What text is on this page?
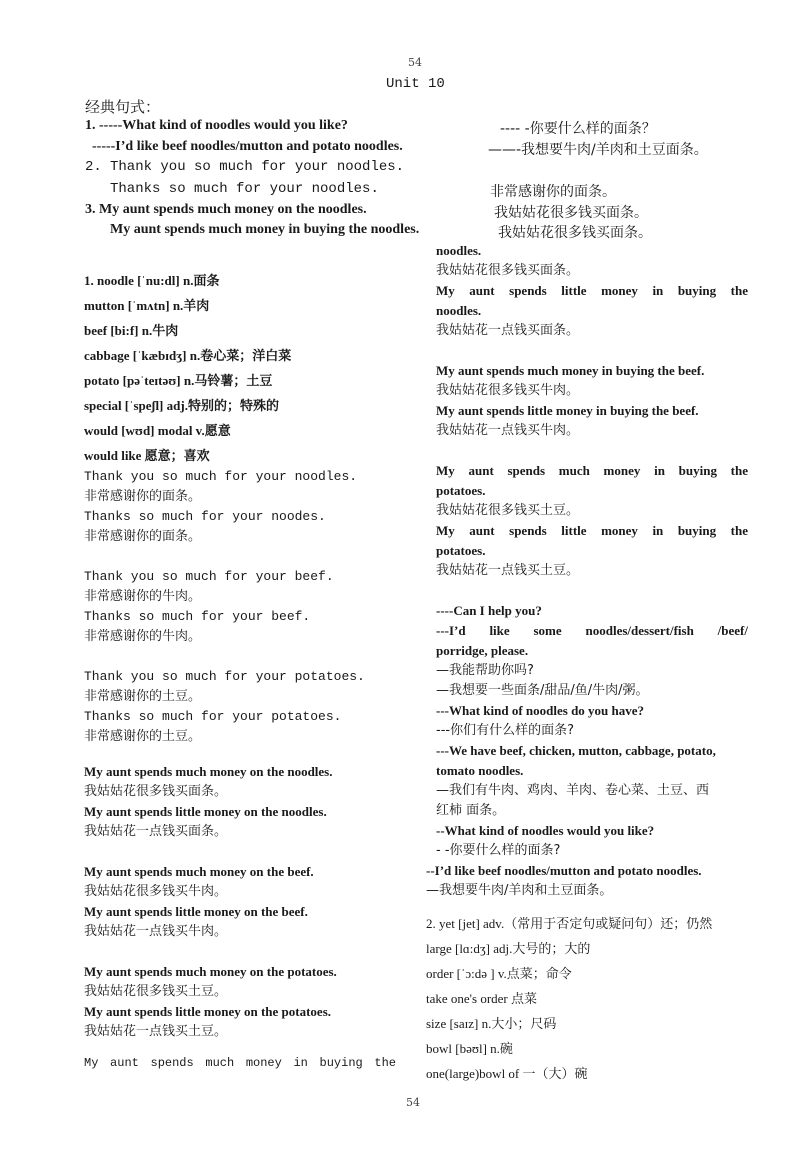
54
Unit 10
经典句式：
1. -----What kind of noodles would you like?	---- -你要什么样的面条？
-----I’d like beef noodles/mutton and potato noodles.	——-我想要牛肉/羊肉和土豆面条。
2. Thank you so much for your noodles.
Thanks so much for your noodles.	非常感谢你的面条。
3. My aunt spends much money on the noodles.	我姑姑花很多钱买面条。
My aunt spends much money in buying the noodles.	我姑姑花很多钱买面条。
1. noodle [ˈnu:dl] n.面条
mutton [ˈmʌtn] n.羊肉
beef [bi:f] n.牛肉
cabbage [ˈkæbɪdʒ] n.卷心菜；洋白菜
potato [pəˈteɪtəʊ] n.马铃薯；土豆
special [ˈspeʃl] adj.特别的；特殊的
would [wʊd] modal v.愿意
would like 愿意；喜欢
Thank you so much for your noodles.
非常感谢你的面条。
Thanks so much for your noodes.
非常感谢你的面条。
Thank you so much for your beef.
非常感谢你的牛肉。
Thanks so much for your beef.
非常感谢你的牛肉。
Thank you so much for your potatoes.
非常感谢你的土豆。
Thanks so much for your potatoes.
非常感谢你的土豆。
My aunt spends much money on the noodles.
我姑姑花很多钱买面条。
My aunt spends little money on the noodles.
我姑姑花一点钱买面条。
My aunt spends much money on the beef.
我姑姑花很多钱买牛肉。
My aunt spends little money on the beef.
我姑姑花一点钱买牛肉。
My aunt spends much money on the potatoes.
我姑姑花很多钱买土豆。
My aunt spends little money on the potatoes.
我姑姑花一点钱买土豆。
My aunt spends much money in buying the
noodles.
我姑姑花很多钱买面条。
My aunt spends little money in buying the
noodles.
我姑姑花一点钱买面条。
My aunt spends much money in buying the beef.
我姑姑花很多钱买牛肉。
My aunt spends little money in buying the beef.
我姑姑花一点钱买牛肉。
My aunt spends much money in buying the
potatoes.
我姑姑花很多钱买土豆。
My aunt spends little money in buying the
potatoes.
我姑姑花一点钱买土豆。
----Can I help you?
---I’d like some noodles/dessert/fish /beef/
porridge, please.
—我能帮助你吗?
—我想要一些面条/甜品/鱼/牛肉/粥。
---What kind of noodles do you have?
---你们有什么样的面条?
---We have beef, chicken, mutton, cabbage, potato,
tomato noodles.
—我们有牛肉、鸡肉、羊肉、卷心菜、土豆、西
红柿 面条。
--What kind of noodles would you like?
- -你要什么样的面条?
--I’d like beef noodles/mutton and potato noodles.
—我想要牛肉/羊肉和土豆面条。
2. yet [jet] adv.（常用于否定句或疑问句）还；仍然
large [lɑ:dʒ] adj.大号的；大的
order [ˈɔ:də ] v.点菜；命令
take one's order 点菜
size [saɪz] n.大小；尺码
bowl [bəʊl] n.碗
one(large)bowl of 一（大）碗
54
